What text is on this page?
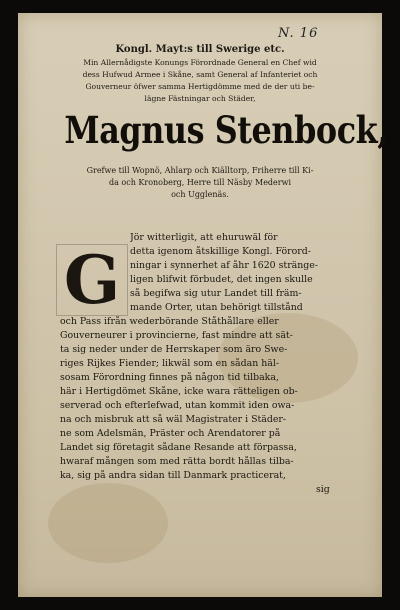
N. 16
Kongl. Mayt:s till Swerige etc.
Min Allernådigste Konungs Förordnade General en Chef wid
dess Hufwud Armee i Skåne, samt General af Infanteriet och
Gouverneur öfwer samma Hertigdömme med de der uti be-
lägne Fästningar och Städer,
Magnus Stenbock,
Grefwe till Wopnö, Ahlarp och Kiälltorp, Friherre till Ki-
da och Kronoberg, Herre till Näsby Mederwi
och Ugglenäs.
G
Jör witterligit, att ehuruwäl för
detta igenom åtskillige Kongl. Förord-
ningar i synnerhet af åhr 1620 stränge-
ligen blifwit förbudet, det ingen skulle
så begifwa sig utur Landet till främ-
mande Orter, utan behörigt tillstånd
och Pass ifrån wederbörande Ståthållare eller
Gouverneurer i provincierne, fast mindre att sät-
ta sig neder under de Herrskaper som äro Swe-
riges Rijkes Fiender; likwäl som en sådan häl-
sosam Förordning finnes på någon tid tilbaka,
här i Hertigdömet Skåne, icke wara rätteligen ob-
serverad och efterlefwad, utan kommit iden owa-
na och misbruk att så wäl Magistrater i Städer-
ne som Adelsmän, Präster och Arendatorer på
Landet sig företagit sådane Resande att förpassa,
hwaraf mången som med rätta bordt hållas tilba-
ka, sig på andra sidan till Danmark practicerat,
sig
